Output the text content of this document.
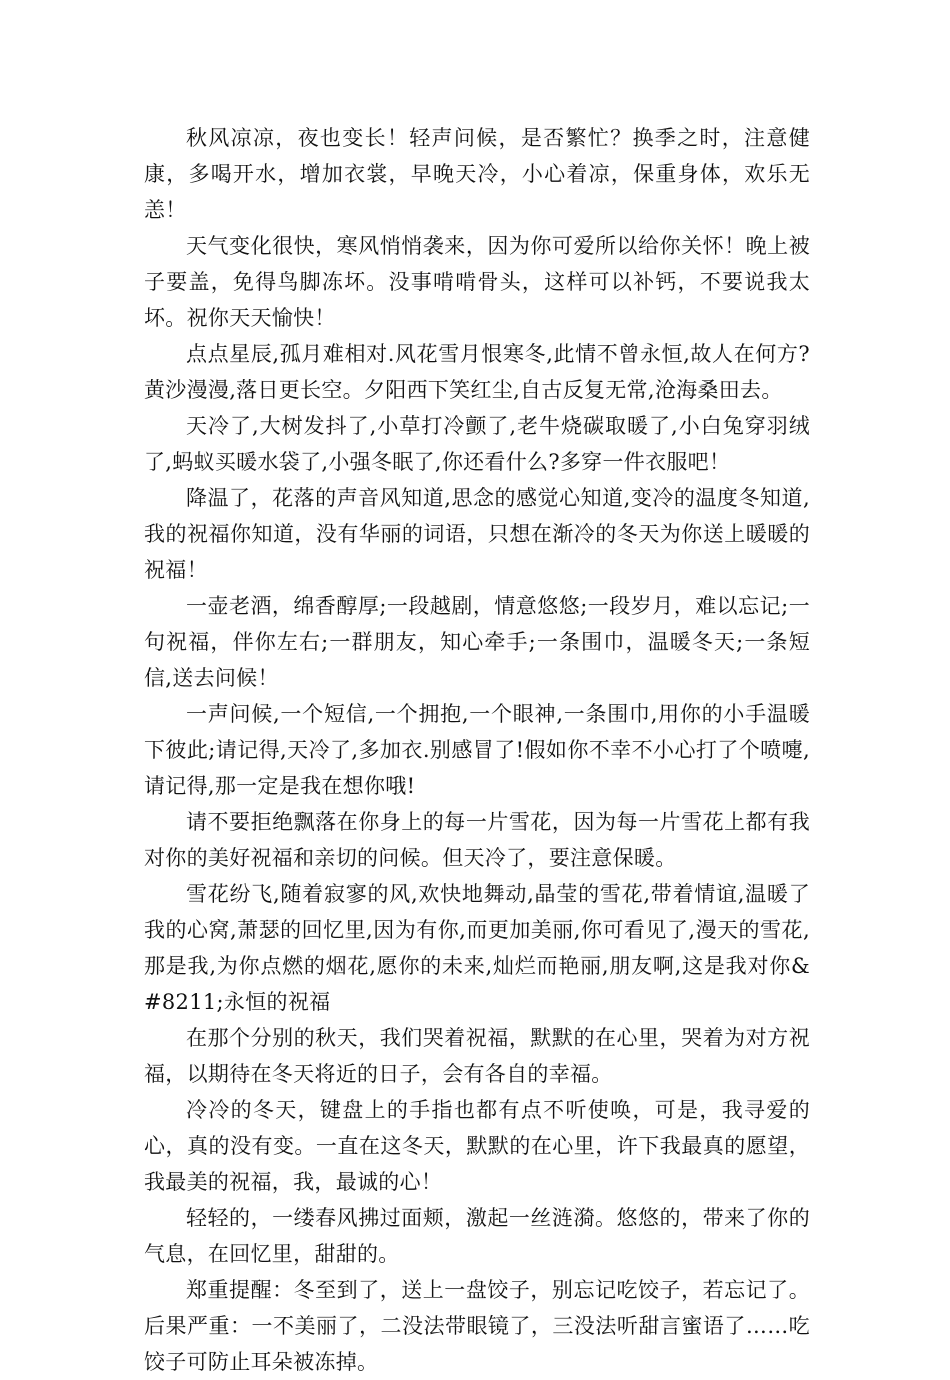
秋风凉凉，夜也变长！轻声问候，是否繁忙？换季之时，注意健康，多喝开水，增加衣裳，早晚天冷，小心着凉，保重身体，欢乐无恙！

天气变化很快，寒风悄悄袭来，因为你可爱所以给你关怀！晚上被子要盖，免得鸟脚冻坏。没事啃啃骨头，这样可以补钙，不要说我太坏。祝你天天愉快！

点点星辰,孤月难相对.风花雪月恨寒冬,此情不曾永恒,故人在何方?黄沙漫漫,落日更长空。夕阳西下笑红尘,自古反复无常,沧海桑田去。

天冷了,大树发抖了,小草打冷颤了,老牛烧碳取暖了,小白兔穿羽绒了,蚂蚁买暖水袋了,小强冬眠了,你还看什么?多穿一件衣服吧！

降温了，花落的声音风知道,思念的感觉心知道,变冷的温度冬知道,我的祝福你知道，没有华丽的词语，只想在渐冷的冬天为你送上暖暖的祝福！

一壶老酒，绵香醇厚;一段越剧，情意悠悠;一段岁月，难以忘记;一句祝福，伴你左右;一群朋友，知心牵手;一条围巾，温暖冬天;一条短信,送去问候！

一声问候,一个短信,一个拥抱,一个眼神,一条围巾,用你的小手温暖下彼此;请记得,天冷了,多加衣.别感冒了!假如你不幸不小心打了个喷嚏,请记得,那一定是我在想你哦!

请不要拒绝飘落在你身上的每一片雪花，因为每一片雪花上都有我对你的美好祝福和亲切的问候。但天冷了，要注意保暖。

雪花纷飞,随着寂寥的风,欢快地舞动,晶莹的雪花,带着情谊,温暖了我的心窝,萧瑟的回忆里,因为有你,而更加美丽,你可看见了,漫天的雪花,那是我,为你点燃的烟花,愿你的未来,灿烂而艳丽,朋友啊,这是我对你&#8211;永恒的祝福

在那个分别的秋天，我们哭着祝福，默默的在心里，哭着为对方祝福，以期待在冬天将近的日子，会有各自的幸福。

冷冷的冬天，键盘上的手指也都有点不听使唤，可是，我寻爱的心，真的没有变。一直在这冬天，默默的在心里，许下我最真的愿望，我最美的祝福，我，最诚的心！

轻轻的，一缕春风拂过面颊，激起一丝涟漪。悠悠的，带来了你的气息，在回忆里，甜甜的。

郑重提醒：冬至到了，送上一盘饺子，别忘记吃饺子，若忘记了。后果严重：一不美丽了，二没法带眼镜了，三没法听甜言蜜语了……吃饺子可防止耳朵被冻掉。
